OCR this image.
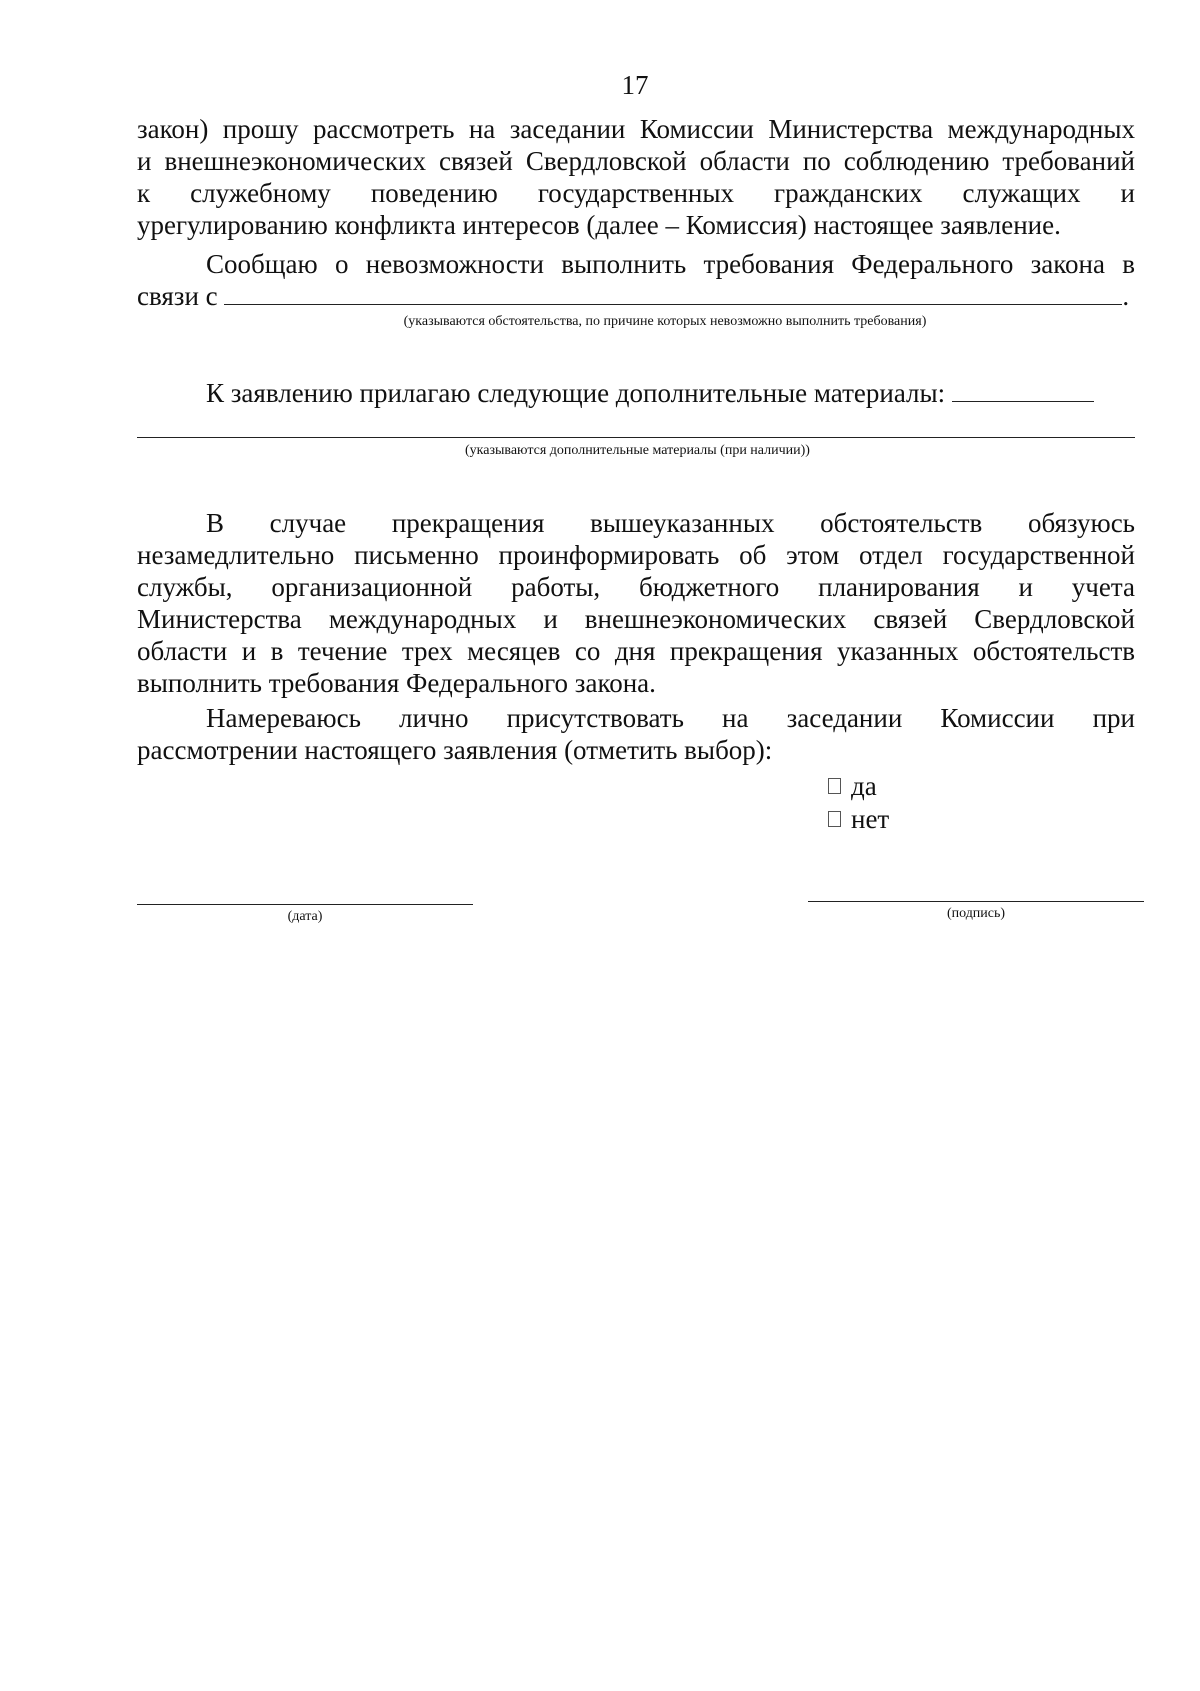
17

закон) прошу рассмотреть на заседании Комиссии Министерства международных

и внешнеэкономических связей Свердловской области по соблюдению требований

к служебному поведению государственных гражданских служащих и

урегулированию конфликта интересов (далее – Комиссия) настоящее заявление.

Сообщаю о невозможности выполнить требования Федерального закона в

связи с	.

(указываются обстоятельства, по причине которых невозможно выполнить требования)

К заявлению прилагаю следующие дополнительные материалы:

(указываются дополнительные материалы (при наличии))

В случае прекращения вышеуказанных обстоятельств обязуюсь

незамедлительно письменно проинформировать об этом отдел государственной

службы, организационной работы, бюджетного планирования и учета

Министерства международных и внешнеэкономических связей Свердловской

области и в течение трех месяцев со дня прекращения указанных обстоятельств

выполнить требования Федерального закона.

Намереваюсь лично присутствовать на заседании Комиссии при

рассмотрении настоящего заявления (отметить выбор):

да
нет
(дата)	(подпись)
